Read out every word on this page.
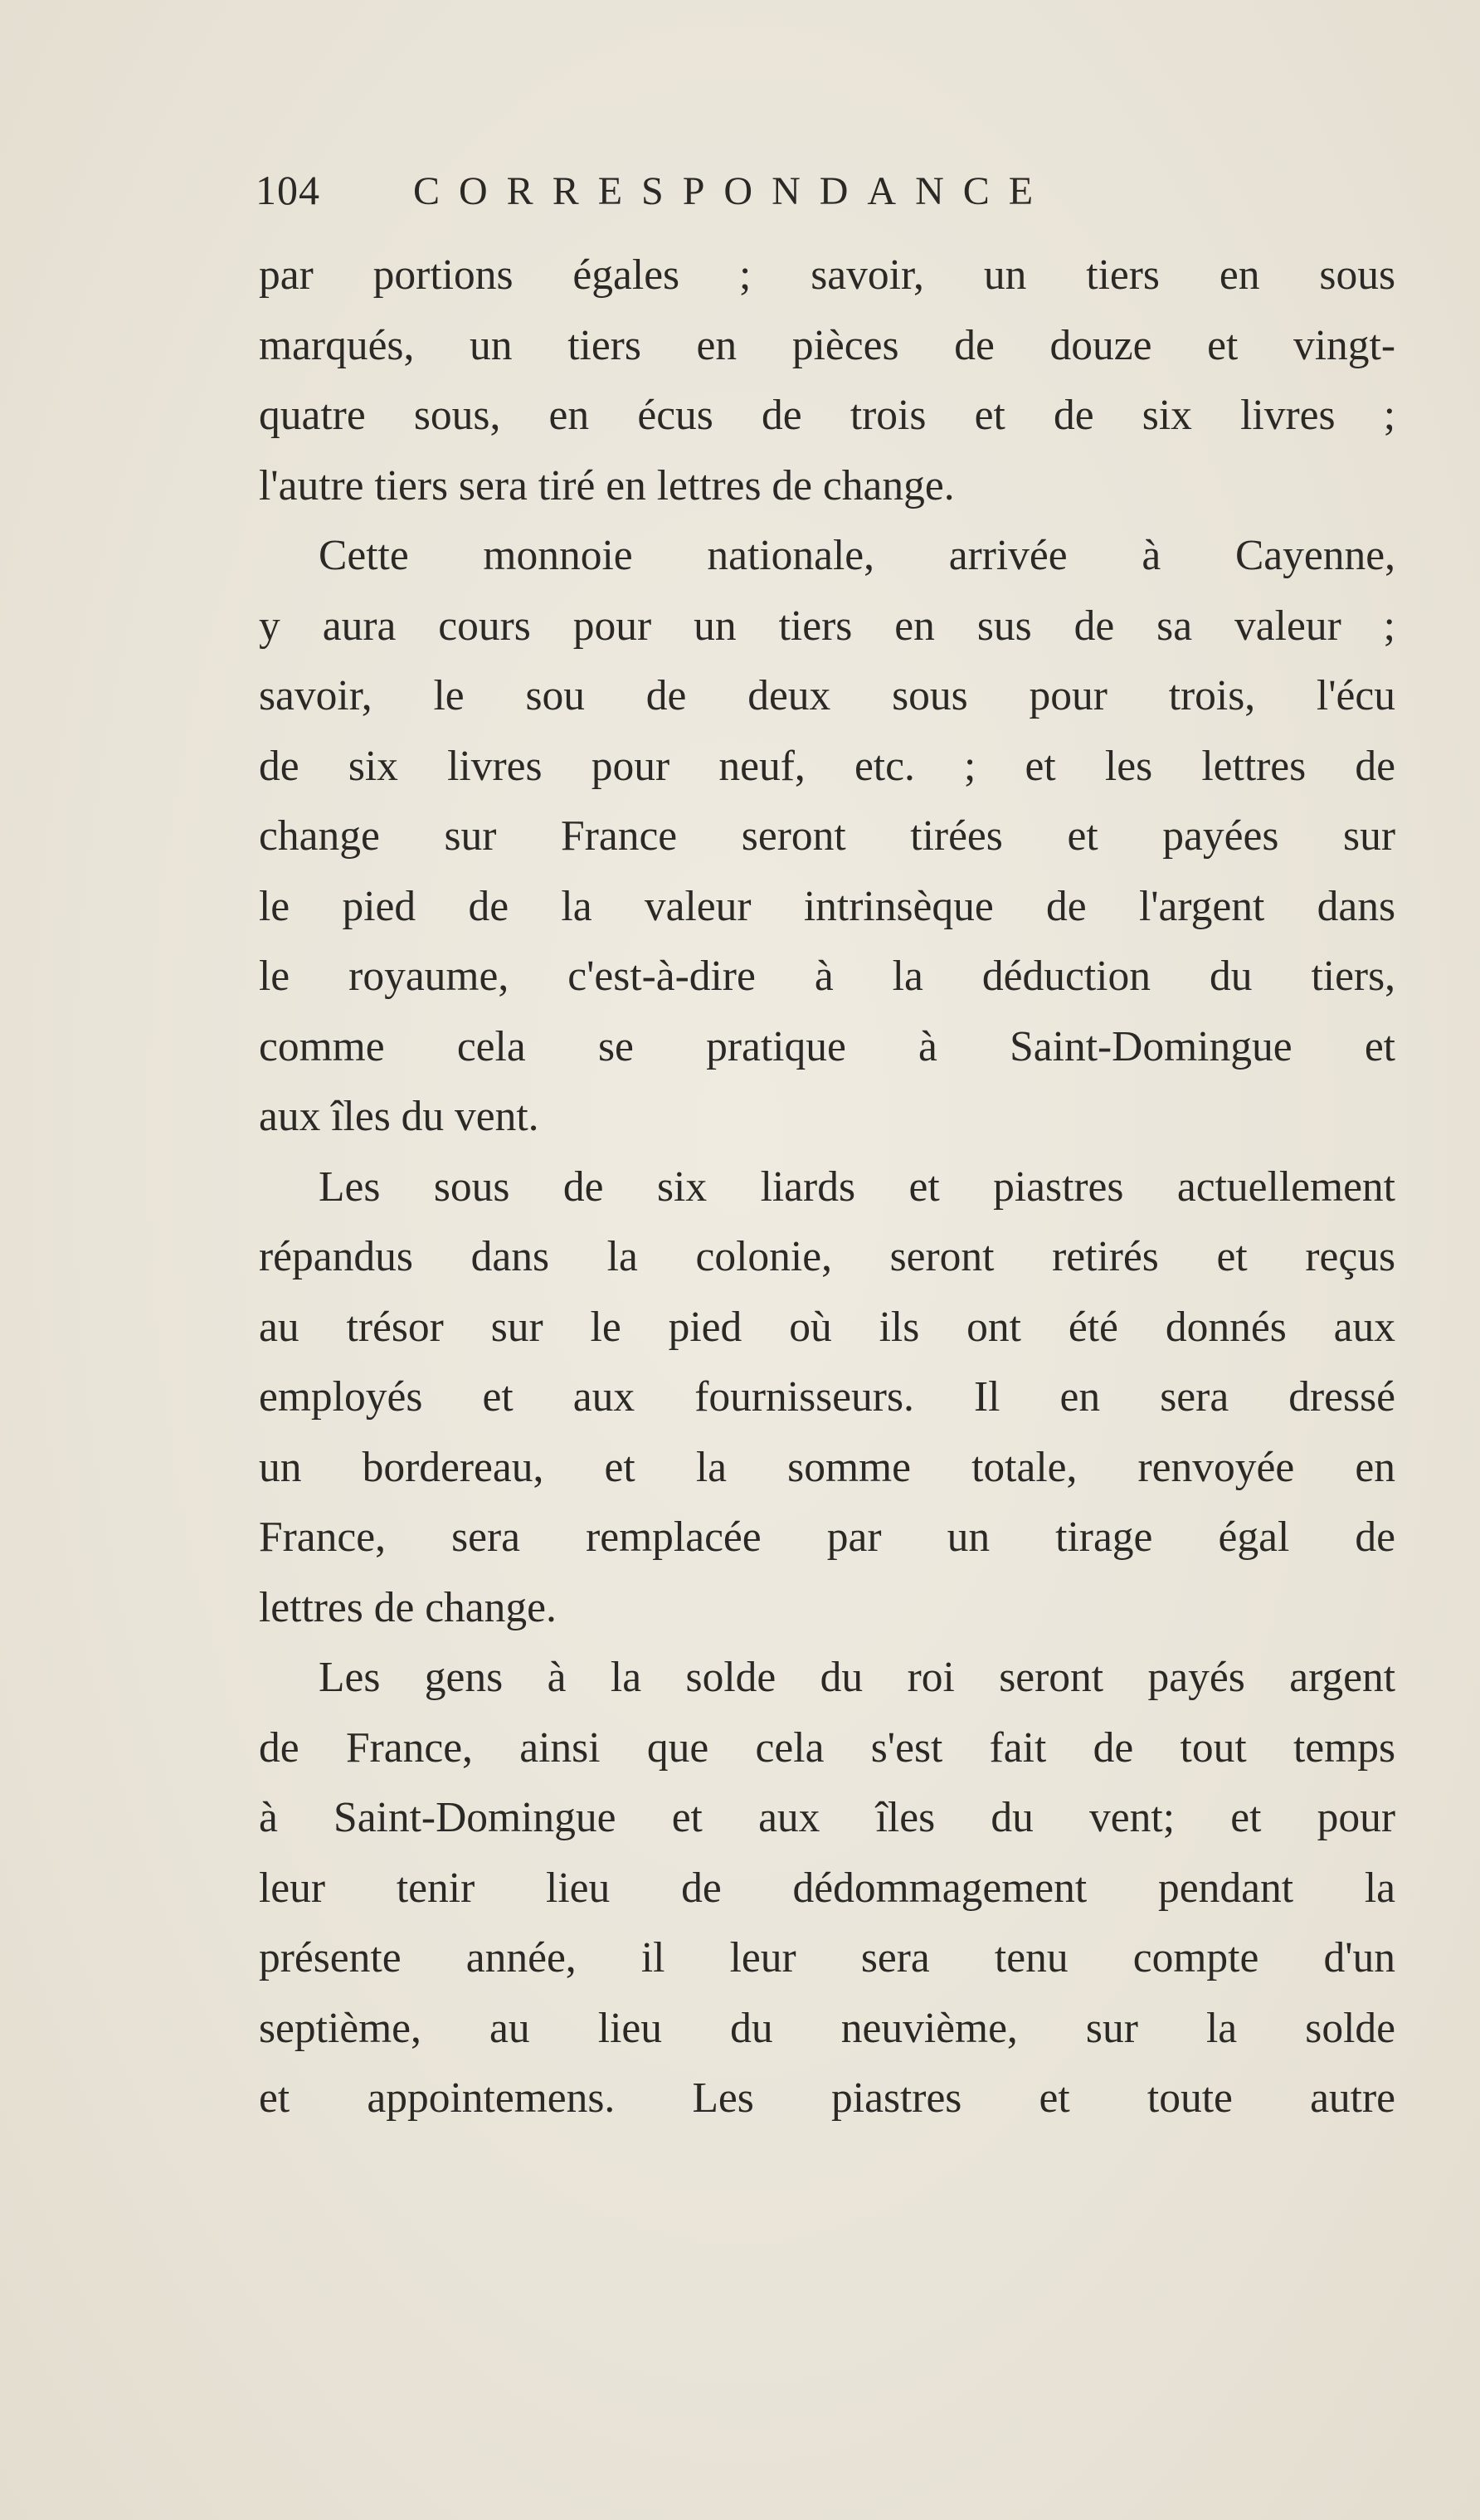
104	CORRESPONDANCE
par portions égales ; savoir, un tiers en sous
marqués, un tiers en pièces de douze et vingt-
quatre sous, en écus de trois et de six livres ;
l'autre tiers sera tiré en lettres de change.
Cette monnoie nationale, arrivée à Cayenne,
y aura cours pour un tiers en sus de sa valeur ;
savoir, le sou de deux sous pour trois, l'écu
de six livres pour neuf, etc. ; et les lettres de
change sur France seront tirées et payées sur
le pied de la valeur intrinsèque de l'argent dans
le royaume, c'est-à-dire à la déduction du tiers,
comme cela se pratique à Saint-Domingue et
aux îles du vent.
Les sous de six liards et piastres actuellement
répandus dans la colonie, seront retirés et reçus
au trésor sur le pied où ils ont été donnés aux
employés et aux fournisseurs. Il en sera dressé
un bordereau, et la somme totale, renvoyée en
France, sera remplacée par un tirage égal de
lettres de change.
Les gens à la solde du roi seront payés argent
de France, ainsi que cela s'est fait de tout temps
à Saint-Domingue et aux îles du vent; et pour
leur tenir lieu de dédommagement pendant la
présente année, il leur sera tenu compte d'un
septième, au lieu du neuvième, sur la solde
et appointemens. Les piastres et toute autre
